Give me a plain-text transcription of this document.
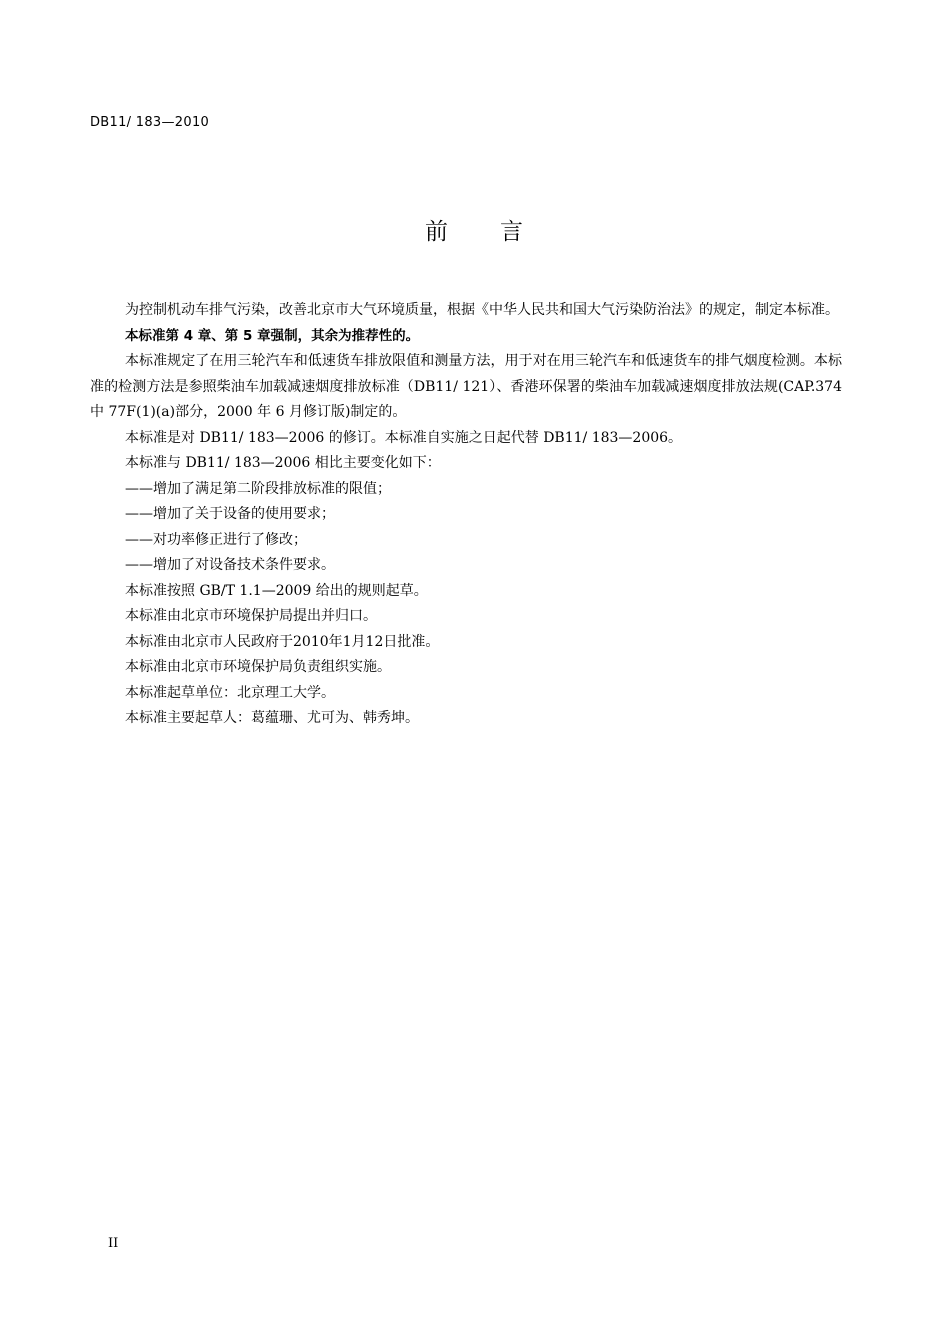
DB11/ 183—2010
前　　言

为控制机动车排气污染，改善北京市大气环境质量，根据《中华人民共和国大气污染防治法》的规定，制定本标准。

本标准第 4 章、第 5 章强制，其余为推荐性的。

本标准规定了在用三轮汽车和低速货车排放限值和测量方法，用于对在用三轮汽车和低速货车的排气烟度检测。本标准的检测方法是参照柴油车加载减速烟度排放标准（DB11/ 121）、香港环保署的柴油车加载减速烟度排放法规(CAP.374 中 77F(1)(a)部分，2000 年 6 月修订版)制定的。

本标准是对 DB11/ 183—2006 的修订。本标准自实施之日起代替 DB11/ 183—2006。

本标准与 DB11/ 183—2006 相比主要变化如下：

——增加了满足第二阶段排放标准的限值；

——增加了关于设备的使用要求；

——对功率修正进行了修改；

——增加了对设备技术条件要求。

本标准按照 GB/T 1.1—2009 给出的规则起草。

本标准由北京市环境保护局提出并归口。

本标准由北京市人民政府于2010年1月12日批准。

本标准由北京市环境保护局负责组织实施。

本标准起草单位：北京理工大学。

本标准主要起草人：葛蕴珊、尤可为、韩秀坤。

II
